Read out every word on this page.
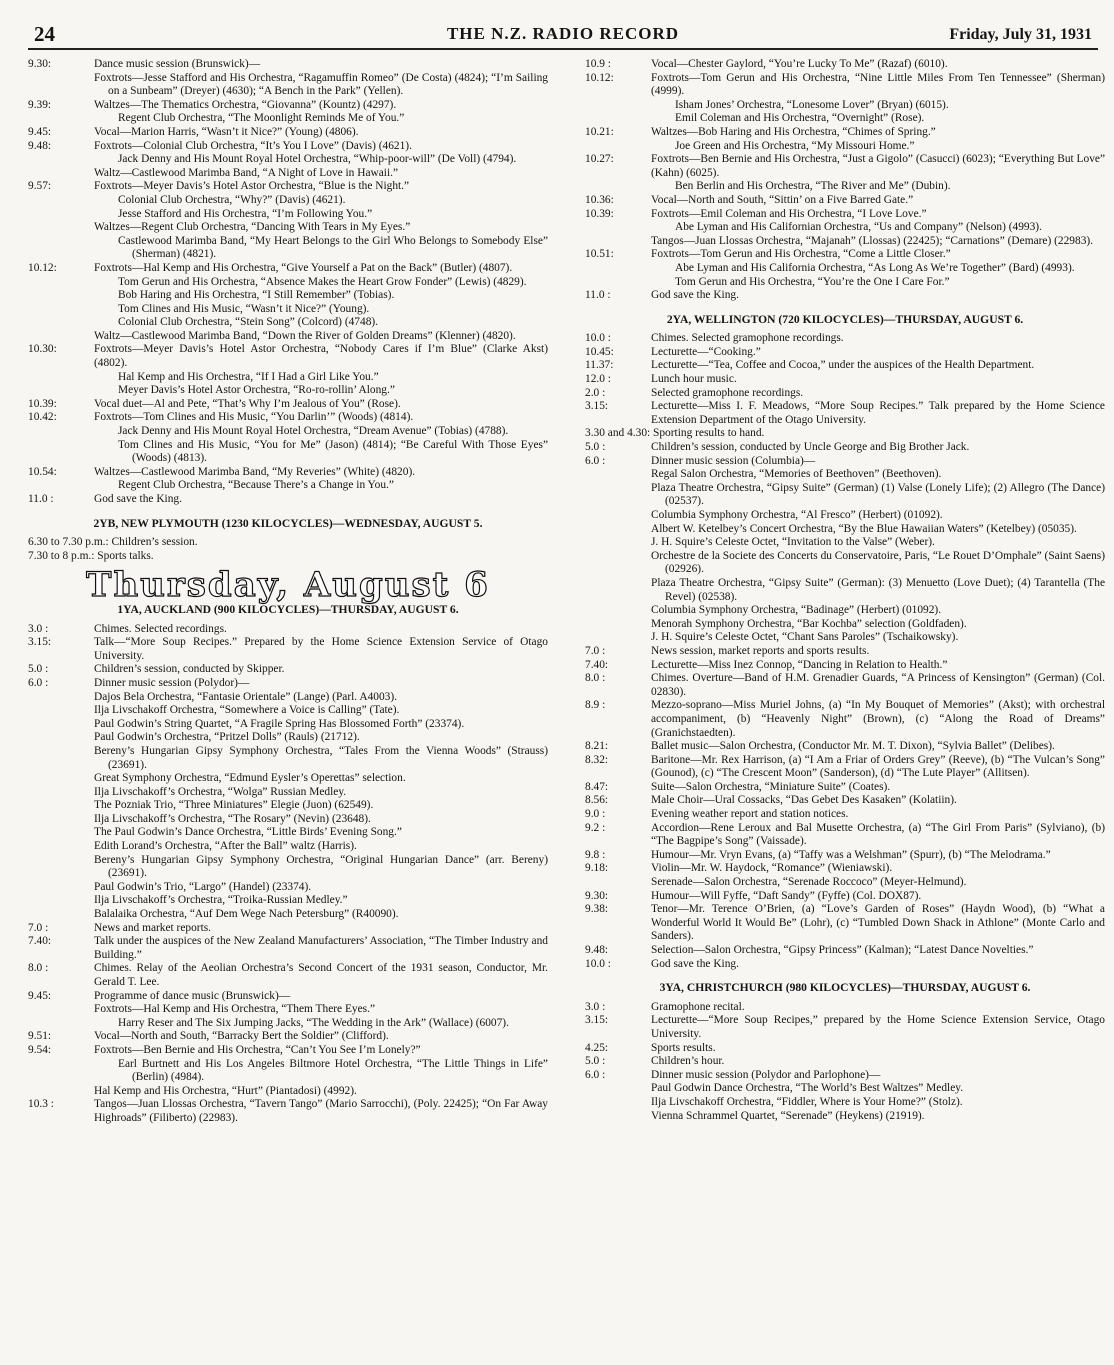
24	THE N.Z. RADIO RECORD	Friday, July 31, 1931
9.30:	Dance music session (Brunswick)—
Foxtrots—Jesse Stafford and His Orchestra, “Ragamuffin Romeo” (De Costa) (4824); “I’m Sailing on a Sunbeam” (Dreyer) (4630); “A Bench in the Park” (Yellen).
9.39:	Waltzes—The Thematics Orchestra, “Giovanna” (Kountz) (4297).
Regent Club Orchestra, “The Moonlight Reminds Me of You.”
9.45:	Vocal—Marion Harris, “Wasn’t it Nice?” (Young) (4806).
9.48:	Foxtrots—Colonial Club Orchestra, “It’s You I Love” (Davis) (4621).
Jack Denny and His Mount Royal Hotel Orchestra, “Whip-poor-will” (De Voll) (4794).
Waltz—Castlewood Marimba Band, “A Night of Love in Hawaii.”
9.57:	Foxtrots—Meyer Davis’s Hotel Astor Orchestra, “Blue is the Night.”
Colonial Club Orchestra, “Why?” (Davis) (4621).
Jesse Stafford and His Orchestra, “I’m Following You.”
Waltzes—Regent Club Orchestra, “Dancing With Tears in My Eyes.”
Castlewood Marimba Band, “My Heart Belongs to the Girl Who Belongs to Somebody Else” (Sherman) (4821).
10.12:	Foxtrots—Hal Kemp and His Orchestra, “Give Yourself a Pat on the Back” (Butler) (4807).
Tom Gerun and His Orchestra, “Absence Makes the Heart Grow Fonder” (Lewis) (4829).
Bob Haring and His Orchestra, “I Still Remember” (Tobias).
Tom Clines and His Music, “Wasn’t it Nice?” (Young).
Colonial Club Orchestra, “Stein Song” (Colcord) (4748).
Waltz—Castlewood Marimba Band, “Down the River of Golden Dreams” (Klenner) (4820).
10.30:	Foxtrots—Meyer Davis’s Hotel Astor Orchestra, “Nobody Cares if I’m Blue” (Clarke Akst) (4802).
Hal Kemp and His Orchestra, “If I Had a Girl Like You.”
Meyer Davis’s Hotel Astor Orchestra, “Ro-ro-rollin’ Along.”
10.39:	Vocal duet—Al and Pete, “That’s Why I’m Jealous of You” (Rose).
10.42:	Foxtrots—Tom Clines and His Music, “You Darlin’” (Woods) (4814).
Jack Denny and His Mount Royal Hotel Orchestra, “Dream Avenue” (Tobias) (4788).
Tom Clines and His Music, “You for Me” (Jason) (4814); “Be Careful With Those Eyes” (Woods) (4813).
10.54:	Waltzes—Castlewood Marimba Band, “My Reveries” (White) (4820).
Regent Club Orchestra, “Because There’s a Change in You.”
11.0 :	God save the King.
2YB, NEW PLYMOUTH (1230 KILOCYCLES)—WEDNESDAY, AUGUST 5.
6.30 to 7.30 p.m.: Children’s session.
7.30 to 8 p.m.: Sports talks.
Thursday, August 6
1YA, AUCKLAND (900 KILOCYCLES)—THURSDAY, AUGUST 6.
3.0 :	Chimes. Selected recordings.
3.15:	Talk—“More Soup Recipes.” Prepared by the Home Science Extension Service of Otago University.
5.0 :	Children’s session, conducted by Skipper.
6.0 :	Dinner music session (Polydor)—
Dajos Bela Orchestra, “Fantasie Orientale” (Lange) (Parl. A4003).
Ilja Livschakoff Orchestra, “Somewhere a Voice is Calling” (Tate).
Paul Godwin’s String Quartet, “A Fragile Spring Has Blossomed Forth” (23374).
Paul Godwin’s Orchestra, “Pritzel Dolls” (Rauls) (21712).
Bereny’s Hungarian Gipsy Symphony Orchestra, “Tales From the Vienna Woods” (Strauss) (23691).
Great Symphony Orchestra, “Edmund Eysler’s Operettas” selection.
Ilja Livschakoff’s Orchestra, “Wolga” Russian Medley.
The Pozniak Trio, “Three Miniatures” Elegie (Juon) (62549).
Ilja Livschakoff’s Orchestra, “The Rosary” (Nevin) (23648).
The Paul Godwin’s Dance Orchestra, “Little Birds’ Evening Song.”
Edith Lorand’s Orchestra, “After the Ball” waltz (Harris).
Bereny’s Hungarian Gipsy Symphony Orchestra, “Original Hungarian Dance” (arr. Bereny) (23691).
Paul Godwin’s Trio, “Largo” (Handel) (23374).
Ilja Livschakoff’s Orchestra, “Troika-Russian Medley.”
Balalaika Orchestra, “Auf Dem Wege Nach Petersburg” (R40090).
7.0 :	News and market reports.
7.40:	Talk under the auspices of the New Zealand Manufacturers’ Association, “The Timber Industry and Building.”
8.0 :	Chimes. Relay of the Aeolian Orchestra’s Second Concert of the 1931 season, Conductor, Mr. Gerald T. Lee.
9.45:	Programme of dance music (Brunswick)—
Foxtrots—Hal Kemp and His Orchestra, “Them There Eyes.”
Harry Reser and The Six Jumping Jacks, “The Wedding in the Ark” (Wallace) (6007).
9.51:	Vocal—North and South, “Barracky Bert the Soldier” (Clifford).
9.54:	Foxtrots—Ben Bernie and His Orchestra, “Can’t You See I’m Lonely?”
Earl Burtnett and His Los Angeles Biltmore Hotel Orchestra, “The Little Things in Life” (Berlin) (4984).
Hal Kemp and His Orchestra, “Hurt” (Piantadosi) (4992).
10.3 :	Tangos—Juan Llossas Orchestra, “Tavern Tango” (Mario Sarrocchi), (Poly. 22425); “On Far Away Highroads” (Filiberto) (22983).
10.9 :	Vocal—Chester Gaylord, “You’re Lucky To Me” (Razaf) (6010).
10.12:	Foxtrots—Tom Gerun and His Orchestra, “Nine Little Miles From Ten Tennessee” (Sherman) (4999).
Isham Jones’ Orchestra, “Lonesome Lover” (Bryan) (6015).
Emil Coleman and His Orchestra, “Overnight” (Rose).
10.21:	Waltzes—Bob Haring and His Orchestra, “Chimes of Spring.”
Joe Green and His Orchestra, “My Missouri Home.”
10.27:	Foxtrots—Ben Bernie and His Orchestra, “Just a Gigolo” (Casucci) (6023); “Everything But Love” (Kahn) (6025).
Ben Berlin and His Orchestra, “The River and Me” (Dubin).
10.36:	Vocal—North and South, “Sittin’ on a Five Barred Gate.”
10.39:	Foxtrots—Emil Coleman and His Orchestra, “I Love Love.”
Abe Lyman and His Californian Orchestra, “Us and Company” (Nelson) (4993).
Tangos—Juan Llossas Orchestra, “Majanah” (Llossas) (22425); “Carnations” (Demare) (22983).
10.51:	Foxtrots—Tom Gerun and His Orchestra, “Come a Little Closer.”
Abe Lyman and His California Orchestra, “As Long As We’re Together” (Bard) (4993).
Tom Gerun and His Orchestra, “You’re the One I Care For.”
11.0 :	God save the King.
2YA, WELLINGTON (720 KILOCYCLES)—THURSDAY, AUGUST 6.
10.0 :	Chimes. Selected gramophone recordings.
10.45:	Lecturette—“Cooking.”
11.37:	Lecturette—“Tea, Coffee and Cocoa,” under the auspices of the Health Department.
12.0 :	Lunch hour music.
2.0 :	Selected gramophone recordings.
3.15:	Lecturette—Miss I. F. Meadows, “More Soup Recipes.” Talk prepared by the Home Science Extension Department of the Otago University.
3.30 and 4.30: Sporting results to hand.
5.0 :	Children’s session, conducted by Uncle George and Big Brother Jack.
6.0 :	Dinner music session (Columbia)—
Regal Salon Orchestra, “Memories of Beethoven” (Beethoven).
Plaza Theatre Orchestra, “Gipsy Suite” (German) (1) Valse (Lonely Life); (2) Allegro (The Dance) (02537).
Columbia Symphony Orchestra, “Al Fresco” (Herbert) (01092).
Albert W. Ketelbey’s Concert Orchestra, “By the Blue Hawaiian Waters” (Ketelbey) (05035).
J. H. Squire’s Celeste Octet, “Invitation to the Valse” (Weber).
Orchestre de la Societe des Concerts du Conservatoire, Paris, “Le Rouet D’Omphale” (Saint Saens) (02926).
Plaza Theatre Orchestra, “Gipsy Suite” (German): (3) Menuetto (Love Duet); (4) Tarantella (The Revel) (02538).
Columbia Symphony Orchestra, “Badinage” (Herbert) (01092).
Menorah Symphony Orchestra, “Bar Kochba” selection (Goldfaden).
J. H. Squire’s Celeste Octet, “Chant Sans Paroles” (Tschaikowsky).
7.0 :	News session, market reports and sports results.
7.40:	Lecturette—Miss Inez Connop, “Dancing in Relation to Health.”
8.0 :	Chimes. Overture—Band of H.M. Grenadier Guards, “A Princess of Kensington” (German) (Col. 02830).
8.9 :	Mezzo-soprano—Miss Muriel Johns, (a) “In My Bouquet of Memories” (Akst); with orchestral accompaniment, (b) “Heavenly Night” (Brown), (c) “Along the Road of Dreams” (Granichstaedten).
8.21:	Ballet music—Salon Orchestra, (Conductor Mr. M. T. Dixon), “Sylvia Ballet” (Delibes).
8.32:	Baritone—Mr. Rex Harrison, (a) “I Am a Friar of Orders Grey” (Reeve), (b) “The Vulcan’s Song” (Gounod), (c) “The Crescent Moon” (Sanderson), (d) “The Lute Player” (Allitsen).
8.47:	Suite—Salon Orchestra, “Miniature Suite” (Coates).
8.56:	Male Choir—Ural Cossacks, “Das Gebet Des Kasaken” (Kolatiin).
9.0 :	Evening weather report and station notices.
9.2 :	Accordion—Rene Leroux and Bal Musette Orchestra, (a) “The Girl From Paris” (Sylviano), (b) “The Bagpipe’s Song” (Vaissade).
9.8 :	Humour—Mr. Vryn Evans, (a) “Taffy was a Welshman” (Spurr), (b) “The Melodrama.”
9.18:	Violin—Mr. W. Haydock, “Romance” (Wieniawski).
Serenade—Salon Orchestra, “Serenade Roccoco” (Meyer-Helmund).
9.30:	Humour—Will Fyffe, “Daft Sandy” (Fyffe) (Col. DOX87).
9.38:	Tenor—Mr. Terence O’Brien, (a) “Love’s Garden of Roses” (Haydn Wood), (b) “What a Wonderful World It Would Be” (Lohr), (c) “Tumbled Down Shack in Athlone” (Monte Carlo and Sanders).
9.48:	Selection—Salon Orchestra, “Gipsy Princess” (Kalman); “Latest Dance Novelties.”
10.0 :	God save the King.
3YA, CHRISTCHURCH (980 KILOCYCLES)—THURSDAY, AUGUST 6.
3.0 :	Gramophone recital.
3.15:	Lecturette—“More Soup Recipes,” prepared by the Home Science Extension Service, Otago University.
4.25:	Sports results.
5.0 :	Children’s hour.
6.0 :	Dinner music session (Polydor and Parlophone)—
Paul Godwin Dance Orchestra, “The World’s Best Waltzes” Medley.
Ilja Livschakoff Orchestra, “Fiddler, Where is Your Home?” (Stolz).
Vienna Schrammel Quartet, “Serenade” (Heykens) (21919).
